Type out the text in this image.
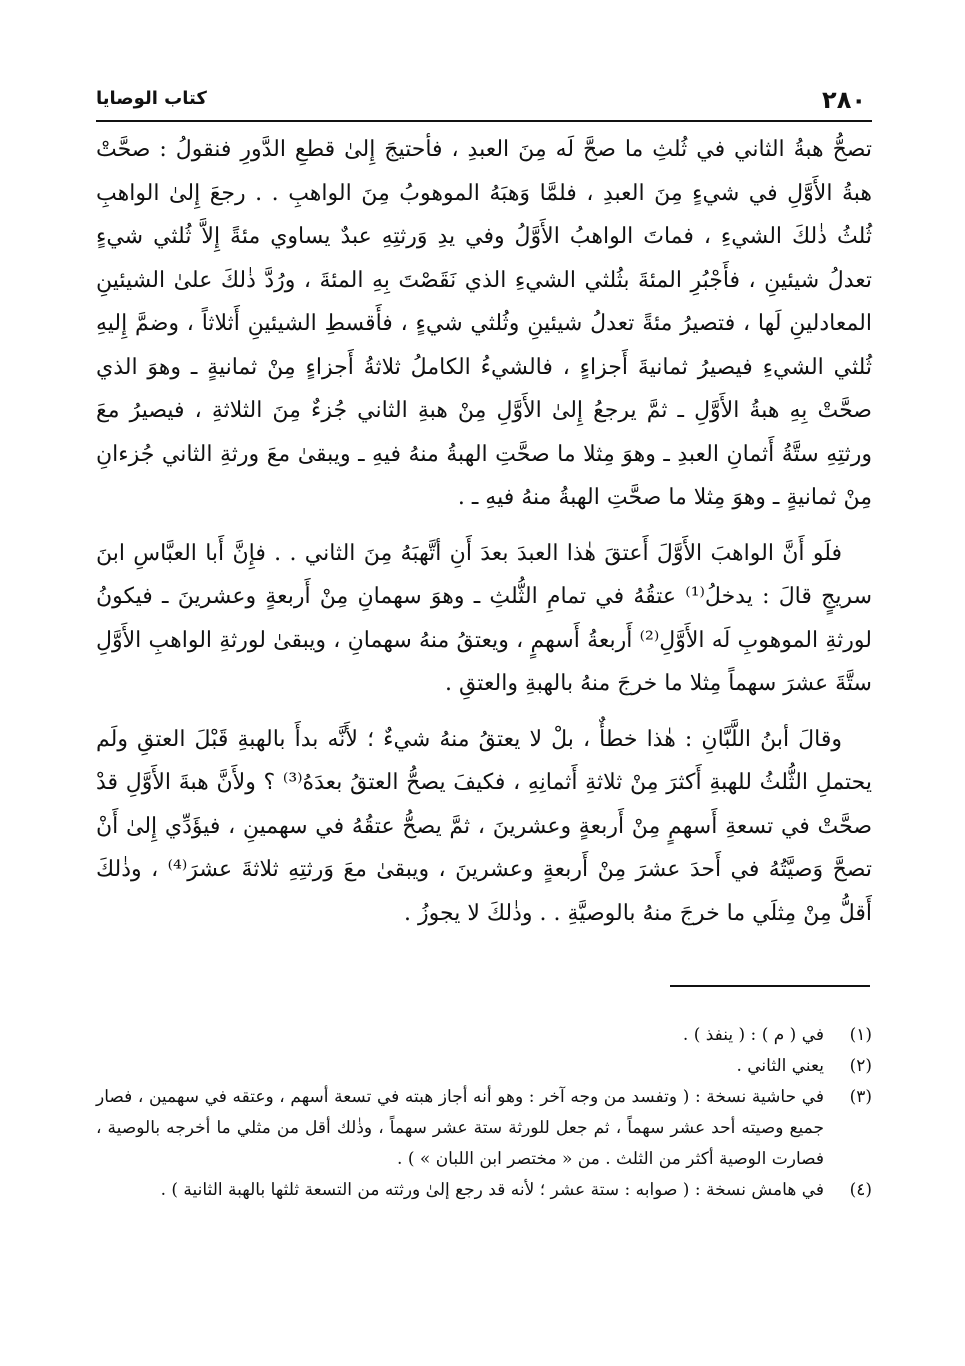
٢٨٠
كتاب الوصايا

تصحُّ هبةُ الثاني في ثُلثِ ما صحَّ لَه مِنَ العبدِ ، فأحتيجَ إِلىٰ قطعِ الدَّورِ فنقولُ : صحَّتْ هبةُ الأَوَّلِ في شيءٍ مِنَ العبدِ ، فلمَّا وَهبَهُ الموهوبُ مِنَ الواهبِ . . رجعَ إِلىٰ الواهبِ ثُلثُ ذٰلكَ الشيءِ ، فماتَ الواهبُ الأَوَّلُ وفي يدِ وَرثتِهِ عبدٌ يساوي مئةً إِلاَّ ثُلثي شيءٍ تعدلُ شيئينِ ، فأَجْبُرِ المئةَ بثُلثي الشيءِ الذي نَقَصْتَ بِهِ المئةَ ، ورُدَّ ذٰلكَ علىٰ الشيئينِ المعادلينِ لَها ، فتصيرُ مئةً تعدلُ شيئينِ وثُلثي شيءٍ ، فأَقسطِ الشيئينِ أَثلاثاً ، وضمَّ إِليهِ ثُلثي الشيءِ فيصيرُ ثمانيةَ أَجزاءٍ ، فالشيءُ الكاملُ ثلاثةُ أَجزاءٍ مِنْ ثمانيةٍ ـ وهوَ الذي صحَّتْ بِهِ هبةُ الأَوَّلِ ـ ثمَّ يرجعُ إِلىٰ الأَوَّلِ مِنْ هبةِ الثاني جُزءٌ مِنَ الثلاثةِ ، فيصيرُ معَ ورثتِهِ ستَّةُ أَثمانِ العبدِ ـ وهوَ مِثلا ما صحَّتِ الهبةُ منهُ فيهِ ـ ويبقىٰ معَ ورثةِ الثاني جُزءانِ مِنْ ثمانيةٍ ـ وهوَ مِثلا ما صحَّتِ الهبةُ منهُ فيهِ ـ .

فلَو أَنَّ الواهبَ الأَوَّلَ أَعتقَ هٰذا العبدَ بعدَ أَنِ أتَّهبَهُ مِنَ الثاني . . فإِنَّ أَبا العبَّاسِ ابنَ سريجٍ قالَ : يدخلُ⁽¹⁾ عتقُهُ في تمامِ الثُّلثِ ـ وهوَ سهمانِ مِنْ أَربعةٍ وعشرينَ ـ فيكونُ لورثةِ الموهوبِ لَه الأَوَّلِ⁽²⁾ أَربعةُ أَسهمٍ ، ويعتقُ منهُ سهمانِ ، ويبقىٰ لورثةِ الواهبِ الأَوَّلِ ستَّةَ عشرَ سهماً مِثلا ما خرجَ منهُ بالهبةِ والعتقِ .

وقالَ أبنُ اللَّبَّانِ : هٰذا خطأٌ ، بلْ لا يعتقُ منهُ شيءٌ ؛ لأَنَّه بدأَ بالهبةِ قَبْلَ العتقِ ولَم يحتملِ الثُّلثُ للهبةِ أَكثرَ مِنْ ثلاثةِ أَثمانِهِ ، فكيفَ يصحُّ العتقُ بعدَهُ⁽³⁾ ؟ ولأَنَّ هبةَ الأَوَّلِ قدْ صحَّتْ في تسعةِ أَسهمٍ مِنْ أَربعةٍ وعشرينَ ، ثمَّ يصحُّ عتقُهُ في سهمينِ ، فيؤَدِّي إِلىٰ أَنْ تصحَّ وَصيَّتُهُ في أَحدَ عشرَ مِنْ أَربعةٍ وعشرينَ ، ويبقىٰ معَ وَرثتِهِ ثلاثةَ عشرَ⁽⁴⁾ ، وذٰلكَ أَقلُّ مِنْ مِثلَي ما خرجَ منهُ بالوصيَّةِ . . وذٰلكَ لا يجوزُ .

(١)
في ( م ) : ( ينفذ ) .
(٢)
يعني الثاني .
(٣)
في حاشية نسخة : ( وتفسد من وجه آخر : وهو أنه أجاز هبته في تسعة أسهم ، وعتقه في سهمين ، فصار جميع وصيته أحد عشر سهماً ، ثم جعل للورثة ستة عشر سهماً ، وذٰلك أقل من مثلي ما أخرجه بالوصية ، فصارت الوصية أكثر من الثلث . من « مختصر ابن اللبان » ) .
(٤)
في هامش نسخة : ( صوابه : ستة عشر ؛ لأنه قد رجع إلىٰ ورثته من التسعة ثلثها بالهبة الثانية ) .
